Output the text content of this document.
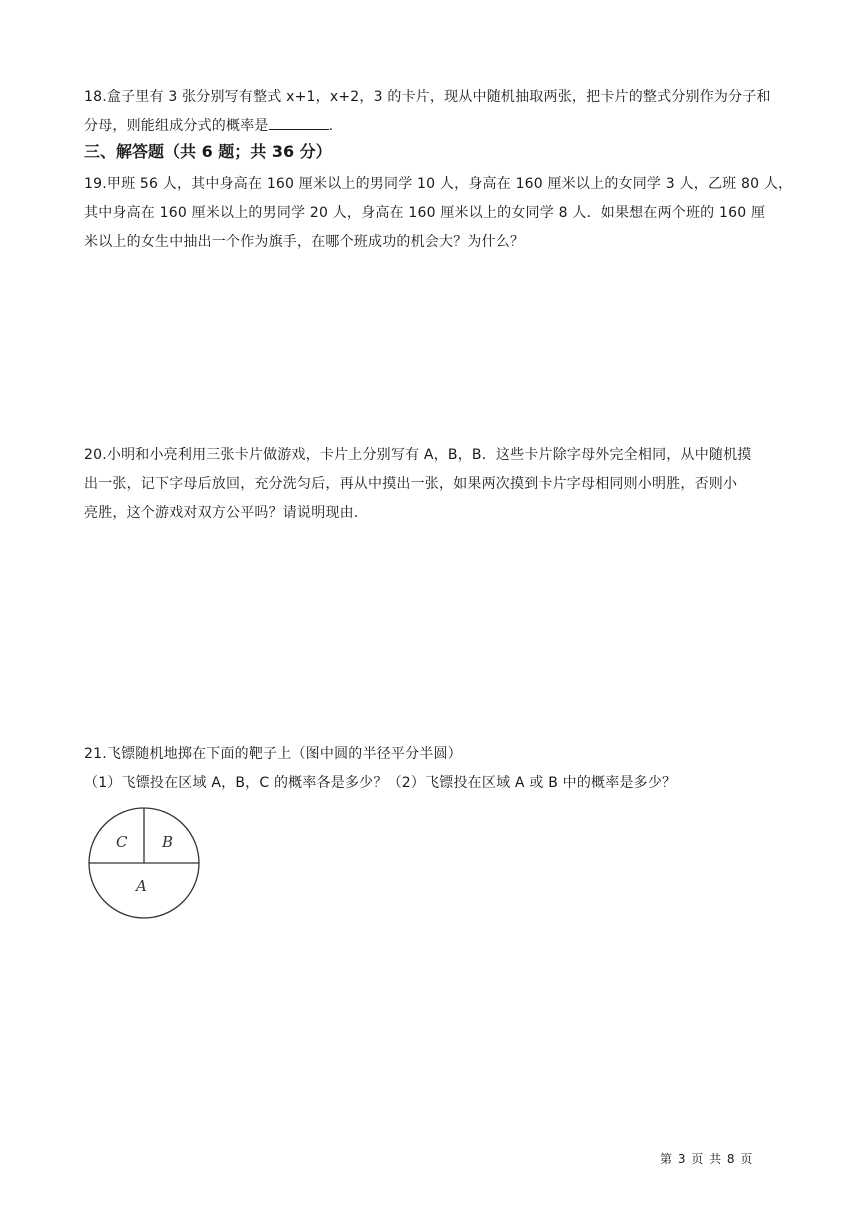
18.盒子里有 3 张分别写有整式 x+1，x+2，3 的卡片，现从中随机抽取两张，把卡片的整式分别作为分子和
分母，则能组成分式的概率是	.
三、解答题（共 6 题；共 36 分）
19.甲班 56 人，其中身高在 160 厘米以上的男同学 10 人，身高在 160 厘米以上的女同学 3 人，乙班 80 人，
其中身高在 160 厘米以上的男同学 20 人，身高在 160 厘米以上的女同学 8 人．如果想在两个班的 160 厘
米以上的女生中抽出一个作为旗手，在哪个班成功的机会大？为什么？
20.小明和小亮利用三张卡片做游戏，卡片上分别写有 A，B，B．这些卡片除字母外完全相同，从中随机摸
出一张，记下字母后放回，充分洗匀后，再从中摸出一张，如果两次摸到卡片字母相同则小明胜，否则小
亮胜，这个游戏对双方公平吗？请说明现由.
21.飞镖随机地掷在下面的靶子上（图中圆的半径平分半圆）
（1）飞镖投在区域 A，B，C 的概率各是多少？（2）飞镖投在区域 A 或 B 中的概率是多少？
C B
A
第 3 页 共 8 页
